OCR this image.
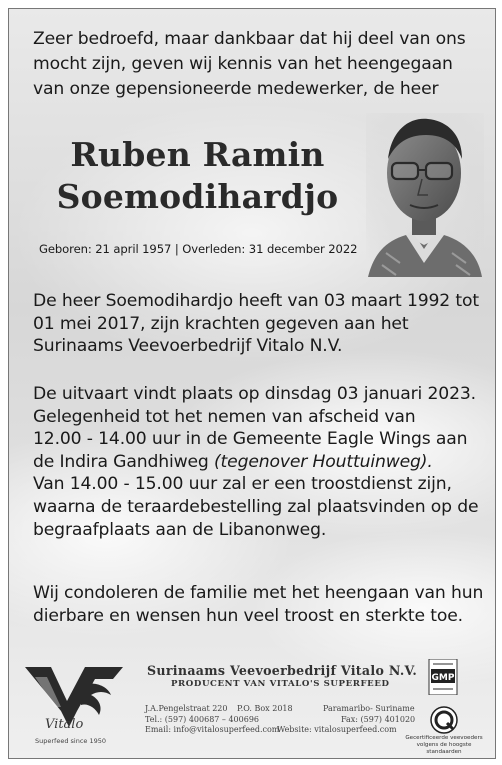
Zeer bedroefd, maar dankbaar dat hij deel van ons
mocht zijn, geven wij kennis van het heengegaan
van onze gepensioneerde medewerker, de heer
Ruben Ramin
Soemodihardjo
Geboren: 21 april 1957 | Overleden: 31 december 2022
De heer Soemodihardjo heeft van 03 maart 1992 tot
01 mei 2017, zijn krachten gegeven aan het
Surinaams Veevoerbedrijf Vitalo N.V.
De uitvaart vindt plaats op dinsdag 03 januari 2023.
Gelegenheid tot het nemen van afscheid van
12.00 - 14.00 uur in de Gemeente Eagle Wings aan
de Indira Gandhiweg (tegenover Houttuinweg).
Van 14.00 - 15.00 uur zal er een troostdienst zijn,
waarna de teraardebestelling zal plaatsvinden op de
begraafplaats aan de Libanonweg.
Wij condoleren de familie met het heengaan van hun
dierbare en wensen hun veel troost en sterkte toe.
Vitalo
Superfeed since 1950
Surinaams Veevoerbedrijf Vitalo N.V.
PRODUCENT VAN VITALO'S SUPERFEED
J.A.Pengelstraat 220 P.O. Box 2018	Paramaribo- Suriname
Tel.: (597) 400687 – 400696	Fax: (597) 401020
Email: info@vitalosuperfeed.com
Website: vitalosuperfeed.com
GMP
Gecertificeerde veevoeders volgens de hoogste standaarden
